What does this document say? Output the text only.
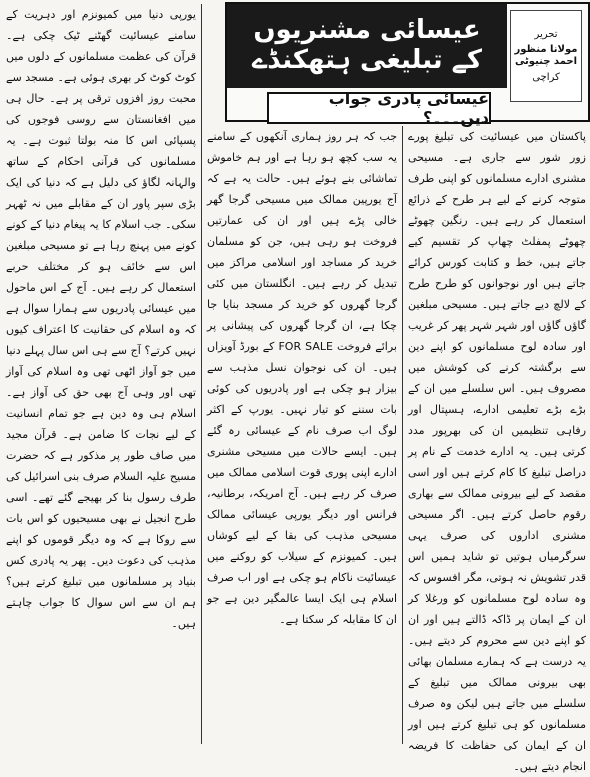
عیسائی مشنریوں کے تبلیغی ہتھکنڈے
تحریر
مولانا منظور احمد چنیوٹی
کراچی
عیسائی پادری جواب دیں۔۔۔؟

پاکستان میں عیسائیت کی تبلیغ پورے زور شور سے جاری ہے۔ مسیحی مشنری ادارے مسلمانوں کو اپنی طرف متوجہ کرنے کے لیے ہر طرح کے ذرائع استعمال کر رہے ہیں۔ رنگین چھوٹے چھوٹے پمفلٹ چھاپ کر تقسیم کیے جاتے ہیں، خط و کتابت کورس کرائے جاتے ہیں اور نوجوانوں کو طرح طرح کے لالچ دیے جاتے ہیں۔ مسیحی مبلغین گاؤں گاؤں اور شہر شہر پھر کر غریب اور سادہ لوح مسلمانوں کو اپنے دین سے برگشتہ کرنے کی کوشش میں مصروف ہیں۔ اس سلسلے میں ان کے بڑے بڑے تعلیمی ادارے، ہسپتال اور رفاہی تنظیمیں ان کی بھرپور مدد کرتی ہیں۔ یہ ادارے خدمت کے نام پر دراصل تبلیغ کا کام کرتے ہیں اور اسی مقصد کے لیے بیرونی ممالک سے بھاری رقوم حاصل کرتے ہیں۔ اگر مسیحی مشنری اداروں کی صرف یہی سرگرمیاں ہوتیں تو شاید ہمیں اس قدر تشویش نہ ہوتی، مگر افسوس کہ وہ سادہ لوح مسلمانوں کو ورغلا کر ان کے ایمان پر ڈاکہ ڈالتے ہیں اور ان کو اپنے دین سے محروم کر دیتے ہیں۔ یہ درست ہے کہ ہمارے مسلمان بھائی بھی بیرونی ممالک میں تبلیغ کے سلسلے میں جاتے ہیں لیکن وہ صرف مسلمانوں کو ہی تبلیغ کرتے ہیں اور ان کے ایمان کی حفاظت کا فریضہ انجام دیتے ہیں۔

جب کہ ہر روز ہماری آنکھوں کے سامنے یہ سب کچھ ہو رہا ہے اور ہم خاموش تماشائی بنے ہوئے ہیں۔ حالت یہ ہے کہ آج یورپین ممالک میں مسیحی گرجا گھر خالی پڑے ہیں اور ان کی عمارتیں فروخت ہو رہی ہیں، جن کو مسلمان خرید کر مساجد اور اسلامی مراکز میں تبدیل کر رہے ہیں۔ انگلستان میں کئی گرجا گھروں کو خرید کر مسجد بنایا جا چکا ہے، ان گرجا گھروں کی پیشانی پر برائے فروخت FOR SALE کے بورڈ آویزاں ہیں۔ ان کی نوجوان نسل مذہب سے بیزار ہو چکی ہے اور پادریوں کی کوئی بات سننے کو تیار نہیں۔ یورپ کے اکثر لوگ اب صرف نام کے عیسائی رہ گئے ہیں۔ ایسے حالات میں مسیحی مشنری ادارے اپنی پوری قوت اسلامی ممالک میں صرف کر رہے ہیں۔ آج امریکہ، برطانیہ، فرانس اور دیگر یورپی عیسائی ممالک مسیحی مذہب کی بقا کے لیے کوشاں ہیں۔ کمیونزم کے سیلاب کو روکنے میں عیسائیت ناکام ہو چکی ہے اور اب صرف اسلام ہی ایک ایسا عالمگیر دین ہے جو ان کا مقابلہ کر سکتا ہے۔

یورپی دنیا میں کمیونزم اور دہریت کے سامنے عیسائیت گھٹنے ٹیک چکی ہے۔ قرآن کی عظمت مسلمانوں کے دلوں میں کوٹ کوٹ کر بھری ہوئی ہے۔ مسجد سے محبت روز افزوں ترقی پر ہے۔ حال ہی میں افغانستان سے روسی فوجوں کی پسپائی اس کا منہ بولتا ثبوت ہے۔ یہ مسلمانوں کی قرآنی احکام کے ساتھ والہانہ لگاؤ کی دلیل ہے کہ دنیا کی ایک بڑی سپر پاور ان کے مقابلے میں نہ ٹھہر سکی۔ جب اسلام کا یہ پیغام دنیا کے کونے کونے میں پہنچ رہا ہے تو مسیحی مبلغین اس سے خائف ہو کر مختلف حربے استعمال کر رہے ہیں۔ آج کے اس ماحول میں عیسائی پادریوں سے ہمارا سوال ہے کہ وہ اسلام کی حقانیت کا اعتراف کیوں نہیں کرتے؟ آج سے ہی اس سال پہلے دنیا میں جو آواز اٹھی تھی وہ اسلام کی آواز تھی اور وہی آج بھی حق کی آواز ہے۔ اسلام ہی وہ دین ہے جو تمام انسانیت کے لیے نجات کا ضامن ہے۔ قرآن مجید میں صاف طور پر مذکور ہے کہ حضرت مسیح علیہ السلام صرف بنی اسرائیل کی طرف رسول بنا کر بھیجے گئے تھے۔ اسی طرح انجیل نے بھی مسیحیوں کو اس بات سے روکا ہے کہ وہ دیگر قوموں کو اپنے مذہب کی دعوت دیں۔ پھر یہ پادری کس بنیاد پر مسلمانوں میں تبلیغ کرتے ہیں؟ ہم ان سے اس سوال کا جواب چاہتے ہیں۔
